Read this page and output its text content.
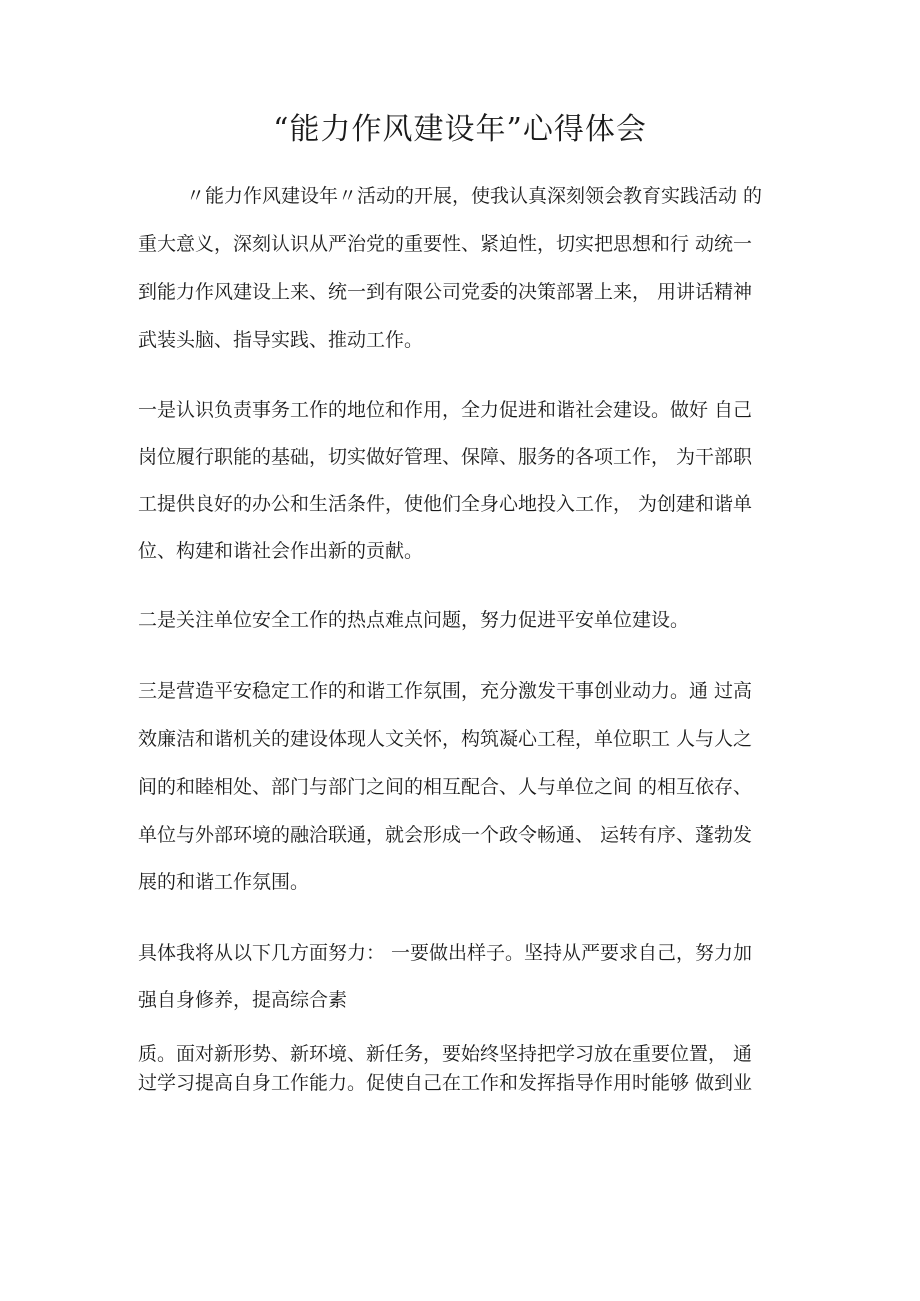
“能力作风建设年”心得体会
〃能力作风建设年〃活动的开展，使我认真深刻领会教育实践活动 的
重大意义，深刻认识从严治党的重要性、紧迫性，切实把思想和行 动统一
到能力作风建设上来、统一到有限公司党委的决策部署上来， 用讲话精神
武装头脑、指导实践、推动工作。
一是认识负责事务工作的地位和作用，全力促进和谐社会建设。做好 自己
岗位履行职能的基础，切实做好管理、保障、服务的各项工作， 为干部职
工提供良好的办公和生活条件，使他们全身心地投入工作， 为创建和谐单
位、构建和谐社会作出新的贡献。
二是关注单位安全工作的热点难点问题，努力促进平安单位建设。
三是营造平安稳定工作的和谐工作氛围，充分激发干事创业动力。通 过高
效廉洁和谐机关的建设体现人文关怀，构筑凝心工程，单位职工 人与人之
间的和睦相处、部门与部门之间的相互配合、人与单位之间 的相互依存、
单位与外部环境的融洽联通，就会形成一个政令畅通、 运转有序、蓬勃发
展的和谐工作氛围。
具体我将从以下几方面努力： 一要做出样子。坚持从严要求自己，努力加
强自身修养，提高综合素
质。面对新形势、新环境、新任务，要始终坚持把学习放在重要位置， 通
过学习提高自身工作能力。促使自己在工作和发挥指导作用时能够 做到业
